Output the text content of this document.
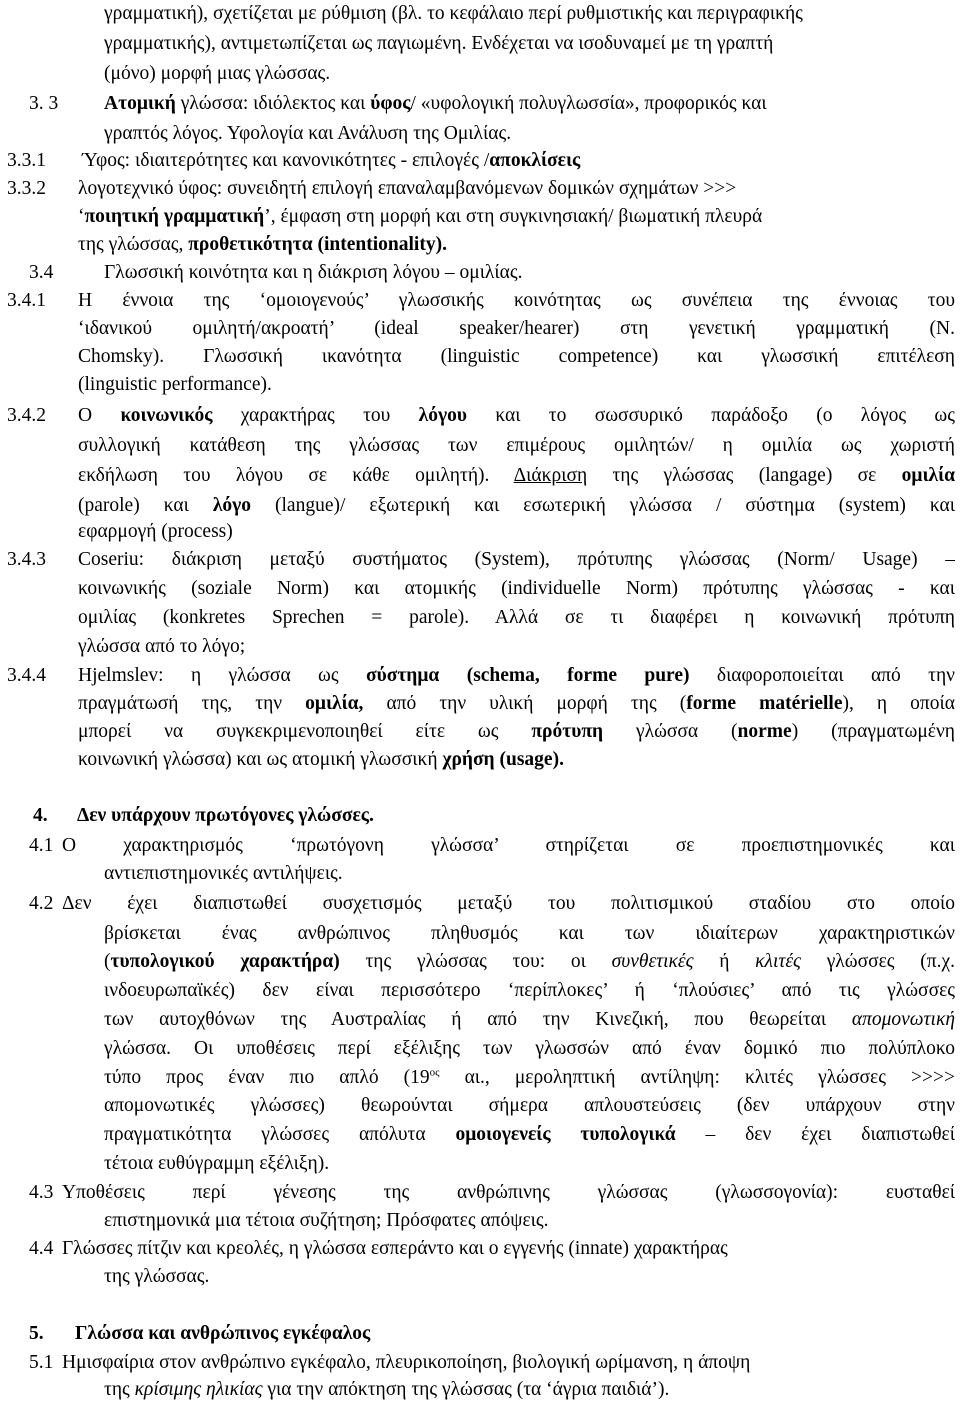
γραμματική), σχετίζεται με ρύθμιση (βλ. το κεφάλαιο περί ρυθμιστικής και περιγραφικής
γραμματικής), αντιμετωπίζεται ως παγιωμένη. Ενδέχεται να ισοδυναμεί με τη γραπτή
(μόνο) μορφή μιας γλώσσας.
3. 3 Ατομική γλώσσα: ιδιόλεκτος και ύφος/ «υφολογική πολυγλωσσία», προφορικός και
γραπτός λόγος. Υφολογία και Ανάλυση της Ομιλίας.
3.3.1 Ύφος: ιδιαιτερότητες και κανονικότητες - επιλογές /αποκλίσεις
3.3.2 λογοτεχνικό ύφος: συνειδητή επιλογή επαναλαμβανόμενων δομικών σχημάτων >>>
‘ποιητική γραμματική’, έμφαση στη μορφή και στη συγκινησιακή/ βιωματική πλευρά
της γλώσσας, προθετικότητα (intentionality).
3.4	Γλωσσική κοινότητα και η διάκριση λόγου – ομιλίας.
3.4.1 Η έννοια της ‘ομοιογενούς’ γλωσσικής κοινότητας ως συνέπεια της έννοιας του
‘ιδανικού ομιλητή/ακροατή’ (ideal speaker/hearer) στη γενετική γραμματική (N.
Chomsky). Γλωσσική ικανότητα (linguistic competence) και γλωσσική επιτέλεση
(linguistic performance).
3.4.2 Ο κοινωνικός χαρακτήρας του λόγου και το σωσσυρικό παράδοξο (ο λόγος ως
συλλογική κατάθεση της γλώσσας των επιμέρους ομιλητών/ η ομιλία ως χωριστή
εκδήλωση του λόγου σε κάθε ομιλητή). Διάκριση της γλώσσας (langage) σε ομιλία
(parole) και λόγο (langue)/ εξωτερική και εσωτερική γλώσσα / σύστημα (system) και
εφαρμογή (process)
3.4.3 Coseriu: διάκριση μεταξύ συστήματος (System), πρότυπης γλώσσας (Norm/ Usage) –
κοινωνικής (soziale Norm) και ατομικής (individuelle Norm) πρότυπης γλώσσας - και
ομιλίας (konkretes Sprechen = parole). Αλλά σε τι διαφέρει η κοινωνική πρότυπη
γλώσσα από το λόγο;
3.4.4 Hjelmslev: η γλώσσα ως σύστημα (schema, forme pure) διαφοροποιείται από την
πραγμάτωσή της, την ομιλία, από την υλική μορφή της (forme matérielle), η οποία
μπορεί να συγκεκριμενοποιηθεί είτε ως πρότυπη γλώσσα (norme) (πραγματωμένη
κοινωνική γλώσσα) και ως ατομική γλωσσική χρήση (usage).
4. Δεν υπάρχουν πρωτόγονες γλώσσες.
4.1 Ο χαρακτηρισμός ‘πρωτόγονη γλώσσα’ στηρίζεται σε προεπιστημονικές και
αντιεπιστημονικές αντιλήψεις.
4.2 Δεν έχει διαπιστωθεί συσχετισμός μεταξύ του πολιτισμικού σταδίου στο οποίο
βρίσκεται ένας ανθρώπινος πληθυσμός και των ιδιαίτερων χαρακτηριστικών
(τυπολογικού χαρακτήρα) της γλώσσας του: οι συνθετικές ή κλιτές γλώσσες (π.χ.
ινδοευρωπαϊκές) δεν είναι περισσότερο ‘περίπλοκες’ ή ‘πλούσιες’ από τις γλώσσες
των αυτοχθόνων της Αυστραλίας ή από την Κινεζική, που θεωρείται απομονωτική
γλώσσα. Οι υποθέσεις περί εξέλιξης των γλωσσών από έναν δομικό πιο πολύπλοκο
τύπο προς έναν πιο απλό ($19^{o\varsigma}$ αι., μεροληπτική αντίληψη: κλιτές γλώσσες >>>>
απομονωτικές γλώσσες) θεωρούνται σήμερα απλουστεύσεις (δεν υπάρχουν στην
πραγματικότητα γλώσσες απόλυτα ομοιογενείς τυπολογικά – δεν έχει διαπιστωθεί
τέτοια ευθύγραμμη εξέλιξη).
4.3 Υποθέσεις περί γένεσης της ανθρώπινης γλώσσας (γλωσσογονία): ευσταθεί
επιστημονικά μια τέτοια συζήτηση; Πρόσφατες απόψεις.
4.4 Γλώσσες πίτζιν και κρεολές, η γλώσσα εσπεράντο και ο εγγενής (innate) χαρακτήρας
της γλώσσας.
5. Γλώσσα και ανθρώπινος εγκέφαλος
5.1 Ημισφαίρια στον ανθρώπινο εγκέφαλο, πλευρικοποίηση, βιολογική ωρίμανση, η άποψη
της κρίσιμης ηλικίας για την απόκτηση της γλώσσας (τα ‘άγρια παιδιά’).
